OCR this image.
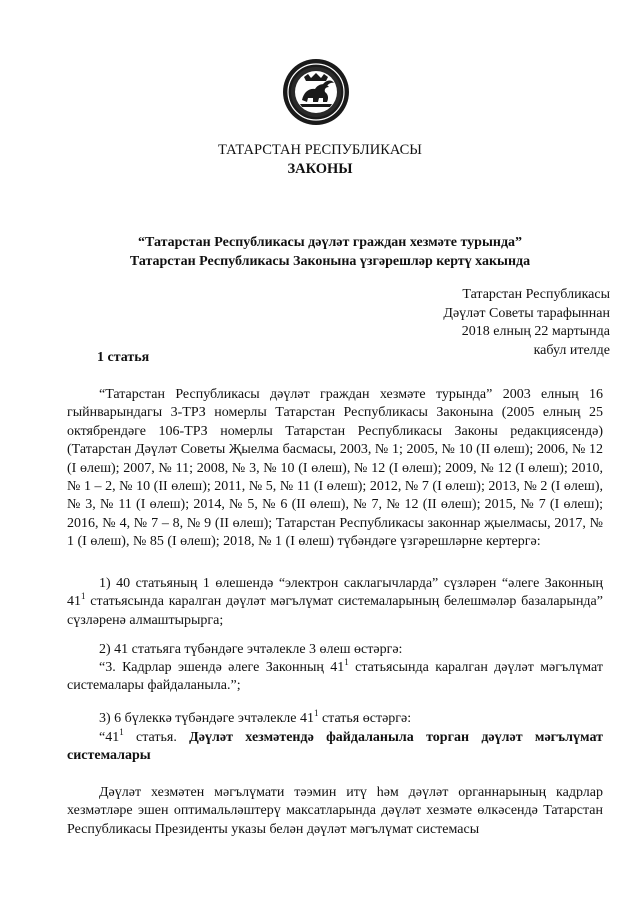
ТАТАРСТАН РЕСПУБЛИКАСЫ
ЗАКОНЫ
“Татарстан Республикасы дәүләт граждан хезмәте турында”
Татарстан Республикасы Законына үзгәрешләр кертү хакында
Татарстан Республикасы
Дәүләт Советы тарафыннан
2018 елның 22 мартында
кабул ителде
1 статья
“Татарстан Республикасы дәүләт граждан хезмәте турында” 2003 елның 16 гыйнварындагы 3-ТРЗ номерлы Татарстан Республикасы Законына (2005 елның 25 октябрендәге 106-ТРЗ номерлы Татарстан Республикасы Законы редакциясендә) (Татарстан Дәүләт Советы Җыелма басмасы, 2003, № 1; 2005, № 10 (II өлеш); 2006, № 12 (I өлеш); 2007, № 11; 2008, № 3, № 10 (I өлеш), № 12 (I өлеш); 2009, № 12 (I өлеш); 2010, № 1 – 2, № 10 (II өлеш); 2011, № 5, № 11 (I өлеш); 2012, № 7 (I өлеш); 2013, № 2 (I өлеш), № 3, № 11 (I өлеш); 2014, № 5, № 6 (II өлеш), № 7, № 12 (II өлеш); 2015, № 7 (I өлеш); 2016, № 4, № 7 – 8, № 9 (II өлеш); Татарстан Республикасы законнар җыелмасы, 2017, № 1 (I өлеш), № 85 (I өлеш); 2018, № 1 (I өлеш) түбәндәге үзгәрешләрне кертергә:
1) 40 статьяның 1 өлешендә “электрон саклагычларда” сүзләрен “әлеге Законның $41^1$ статьясында каралган дәүләт мәгълүмат системаларының белешмәләр базаларында” сүзләренә алмаштырырга;
2) 41 статьяга түбәндәге эчтәлекле 3 өлеш өстәргә:
“3. Кадрлар эшендә әлеге Законның $41^1$ статьясында каралган дәүләт мәгълүмат системалары файдаланыла.”;
3) 6 бүлеккә түбәндәге эчтәлекле $41^1$ статья өстәргә:
“$41^1$ статья. Дәүләт хезмәтендә файдаланыла торган дәүләт мәгълүмат системалары
Дәүләт хезмәтен мәгълүмати тәэмин итү һәм дәүләт органнарының кадрлар хезмәтләре эшен оптимальләштерү максатларында дәүләт хезмәте өлкәсендә Татарстан Республикасы Президенты указы белән дәүләт мәгълүмат системасы
